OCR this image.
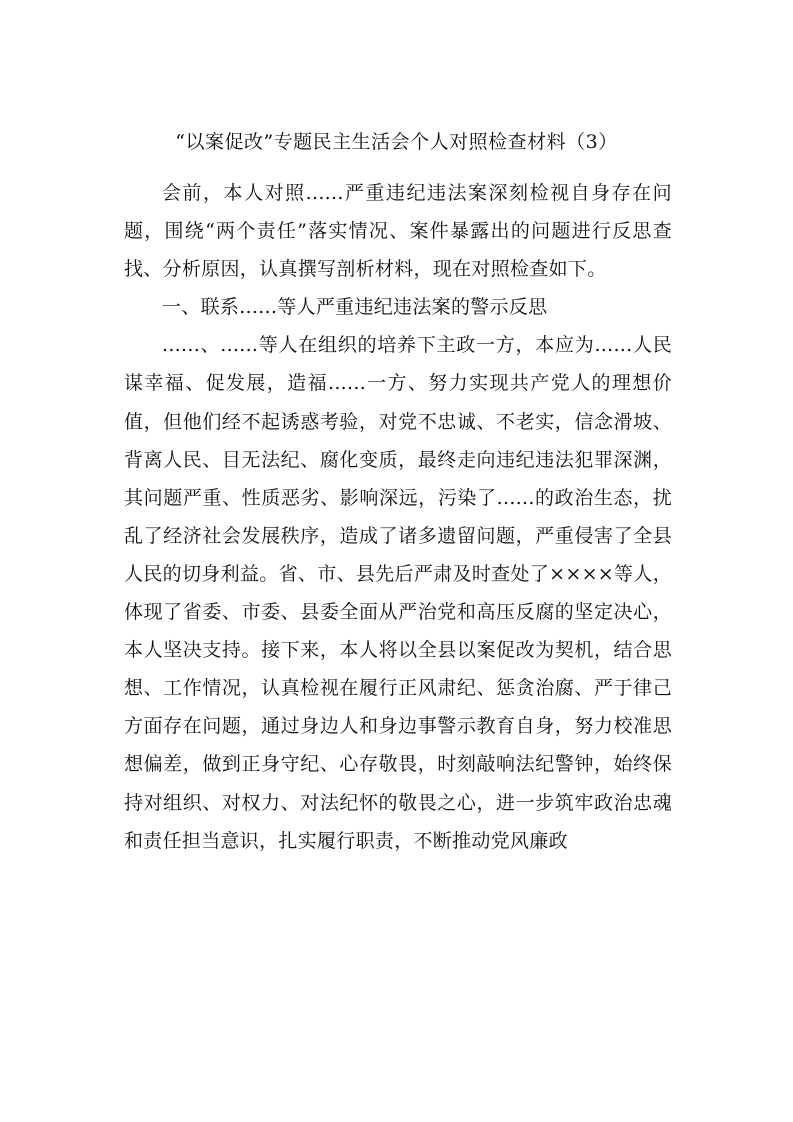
“以案促改”专题民主生活会个人对照检查材料（3）

会前，本人对照......严重违纪违法案深刻检视自身存在问题，围绕“两个责任”落实情况、案件暴露出的问题进行反思查找、分析原因，认真撰写剖析材料，现在对照检查如下。

一、联系......等人严重违纪违法案的警示反思

......、......等人在组织的培养下主政一方，本应为......人民谋幸福、促发展，造福......一方、努力实现共产党人的理想价值，但他们经不起诱惑考验，对党不忠诚、不老实，信念滑坡、背离人民、目无法纪、腐化变质，最终走向违纪违法犯罪深渊，其问题严重、性质恶劣、影响深远，污染了......的政治生态，扰乱了经济社会发展秩序，造成了诸多遗留问题，严重侵害了全县人民的切身利益。省、市、县先后严肃及时查处了××××等人，体现了省委、市委、县委全面从严治党和高压反腐的坚定决心，本人坚决支持。接下来，本人将以全县以案促改为契机，结合思想、工作情况，认真检视在履行正风肃纪、惩贪治腐、严于律己方面存在问题，通过身边人和身边事警示教育自身，努力校准思想偏差，做到正身守纪、心存敬畏，时刻敲响法纪警钟，始终保持对组织、对权力、对法纪怀的敬畏之心，进一步筑牢政治忠魂和责任担当意识，扎实履行职责，不断推动党风廉政
